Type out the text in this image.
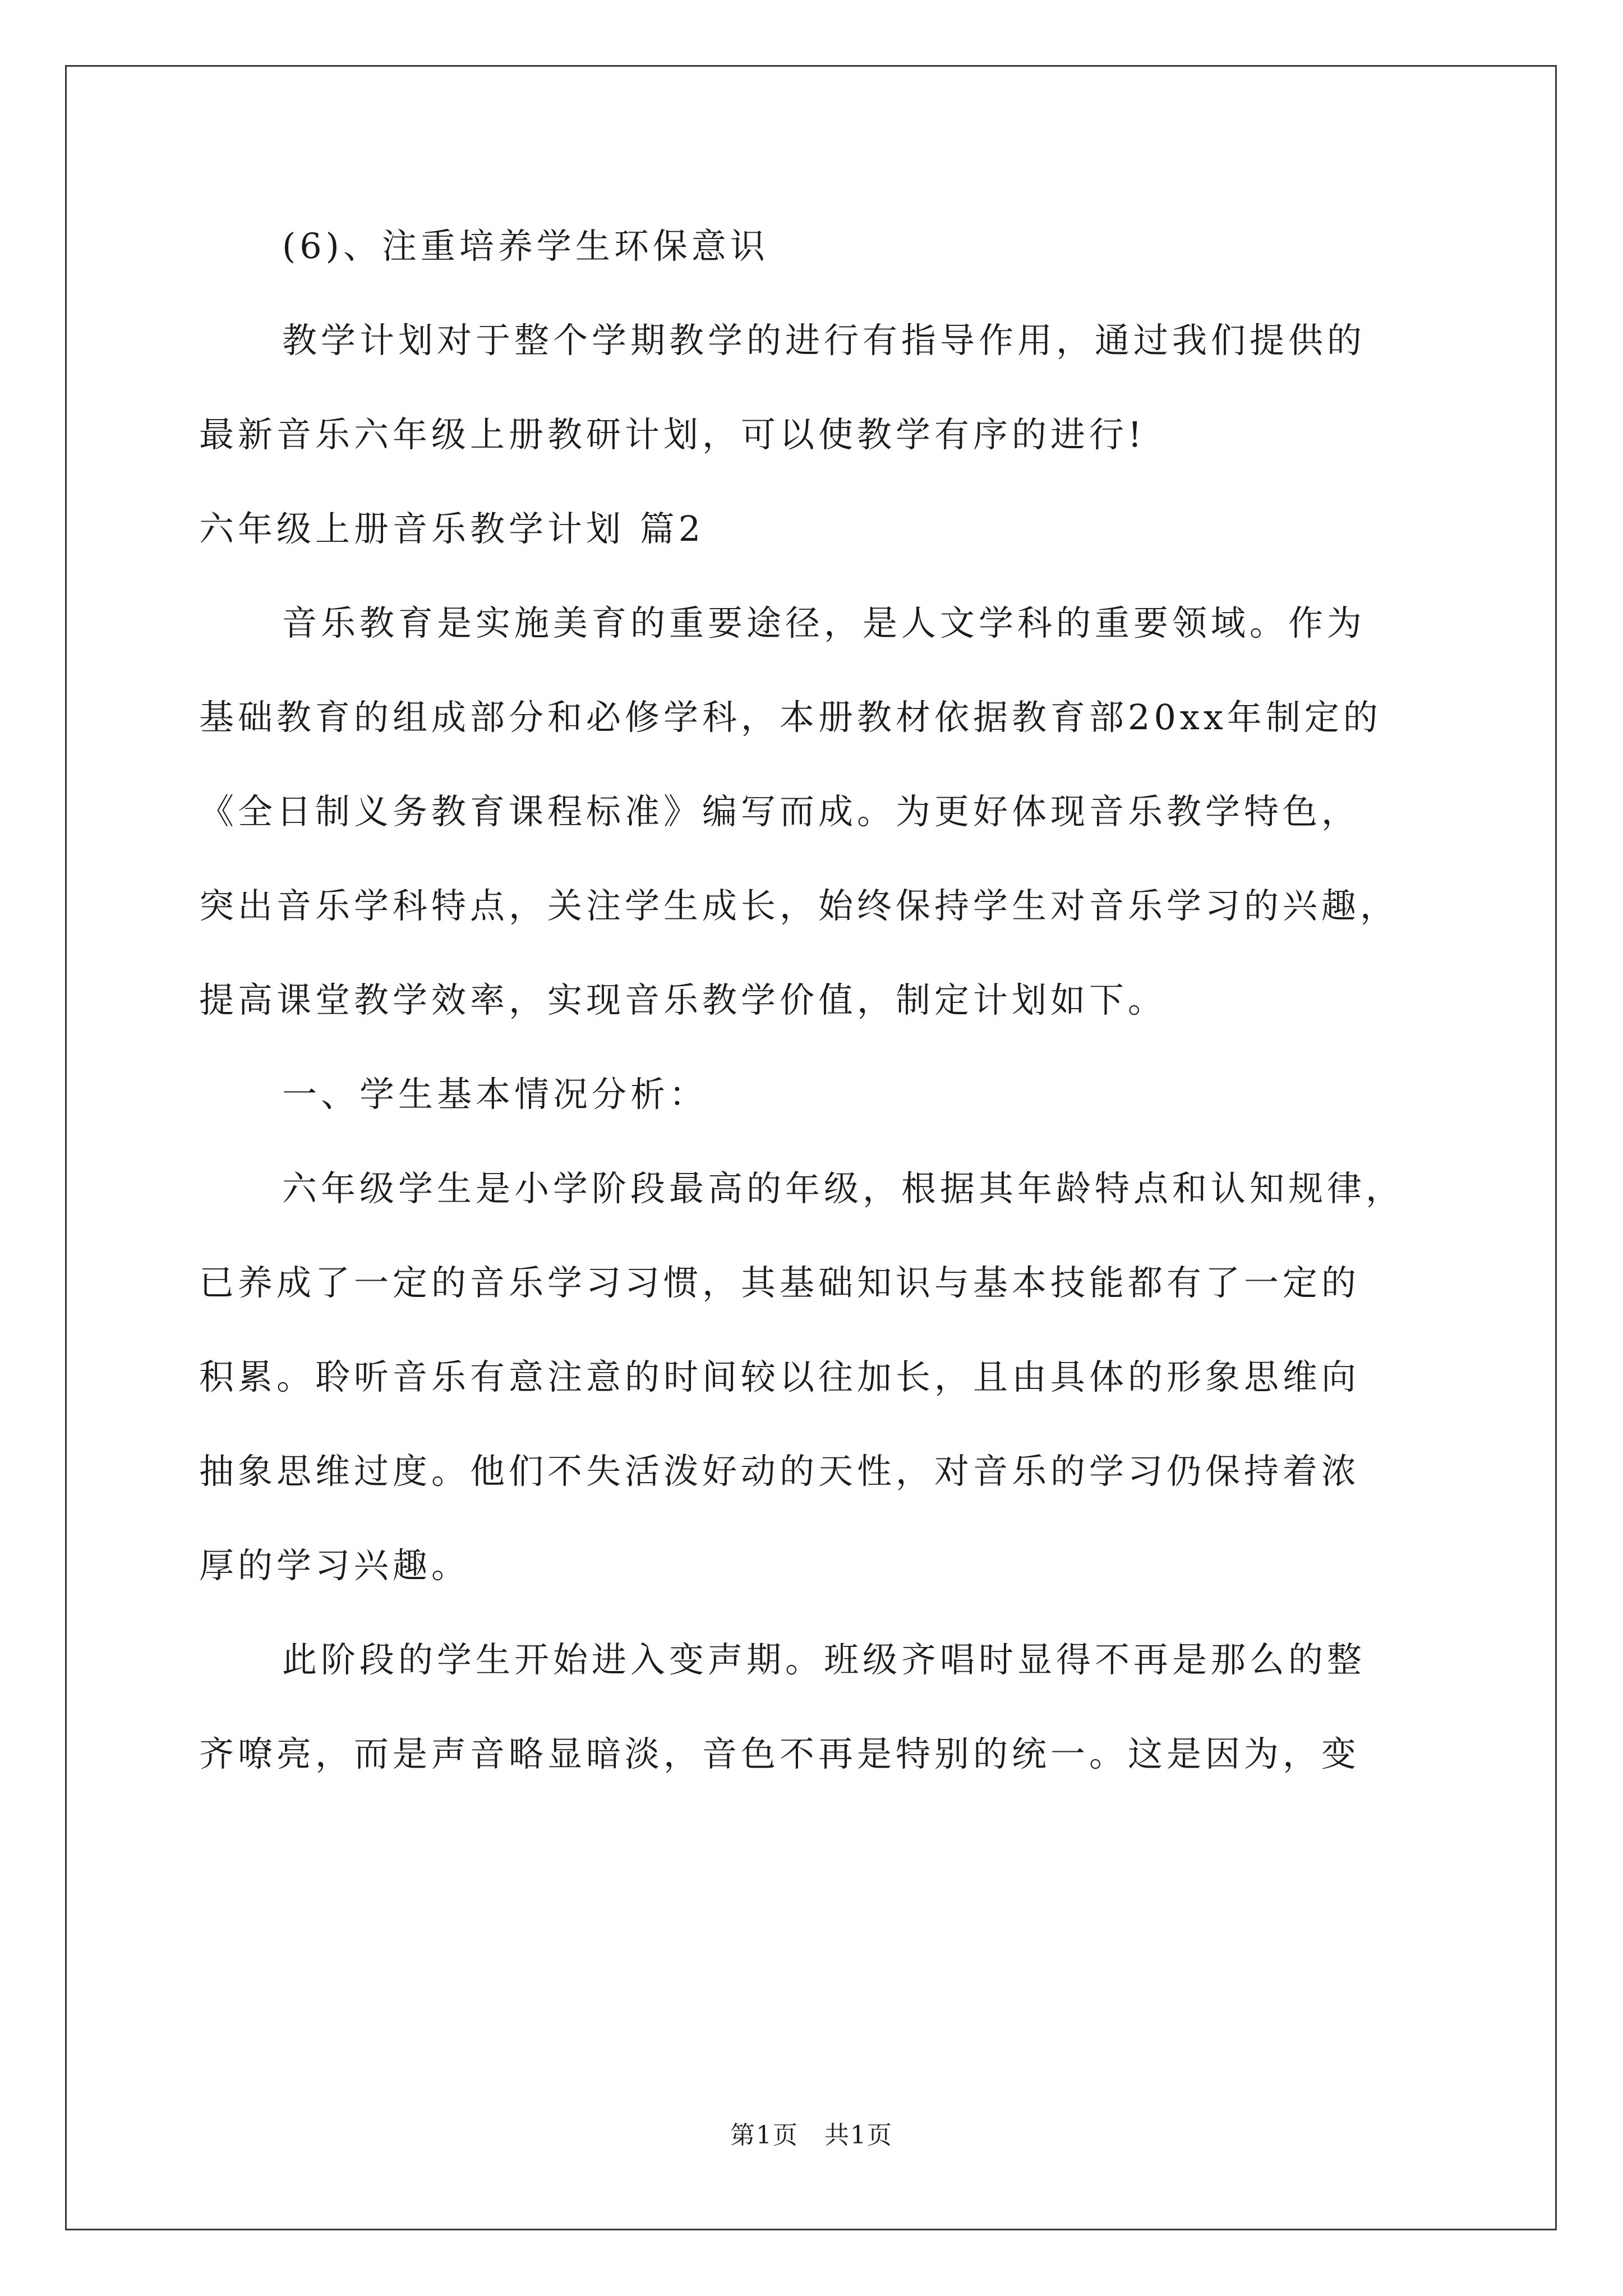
(6)、注重培养学生环保意识

教学计划对于整个学期教学的进行有指导作用，通过我们提供的

最新音乐六年级上册教研计划，可以使教学有序的进行!

六年级上册音乐教学计划 篇2

音乐教育是实施美育的重要途径，是人文学科的重要领域。作为

基础教育的组成部分和必修学科，本册教材依据教育部20xx年制定的

《全日制义务教育课程标准》编写而成。为更好体现音乐教学特色，

突出音乐学科特点，关注学生成长，始终保持学生对音乐学习的兴趣，

提高课堂教学效率，实现音乐教学价值，制定计划如下。

一、学生基本情况分析：

六年级学生是小学阶段最高的年级，根据其年龄特点和认知规律，

已养成了一定的音乐学习习惯，其基础知识与基本技能都有了一定的

积累。聆听音乐有意注意的时间较以往加长，且由具体的形象思维向

抽象思维过度。他们不失活泼好动的天性，对音乐的学习仍保持着浓

厚的学习兴趣。

此阶段的学生开始进入变声期。班级齐唱时显得不再是那么的整

齐嘹亮，而是声音略显暗淡，音色不再是特别的统一。这是因为，变

第1页　共1页
